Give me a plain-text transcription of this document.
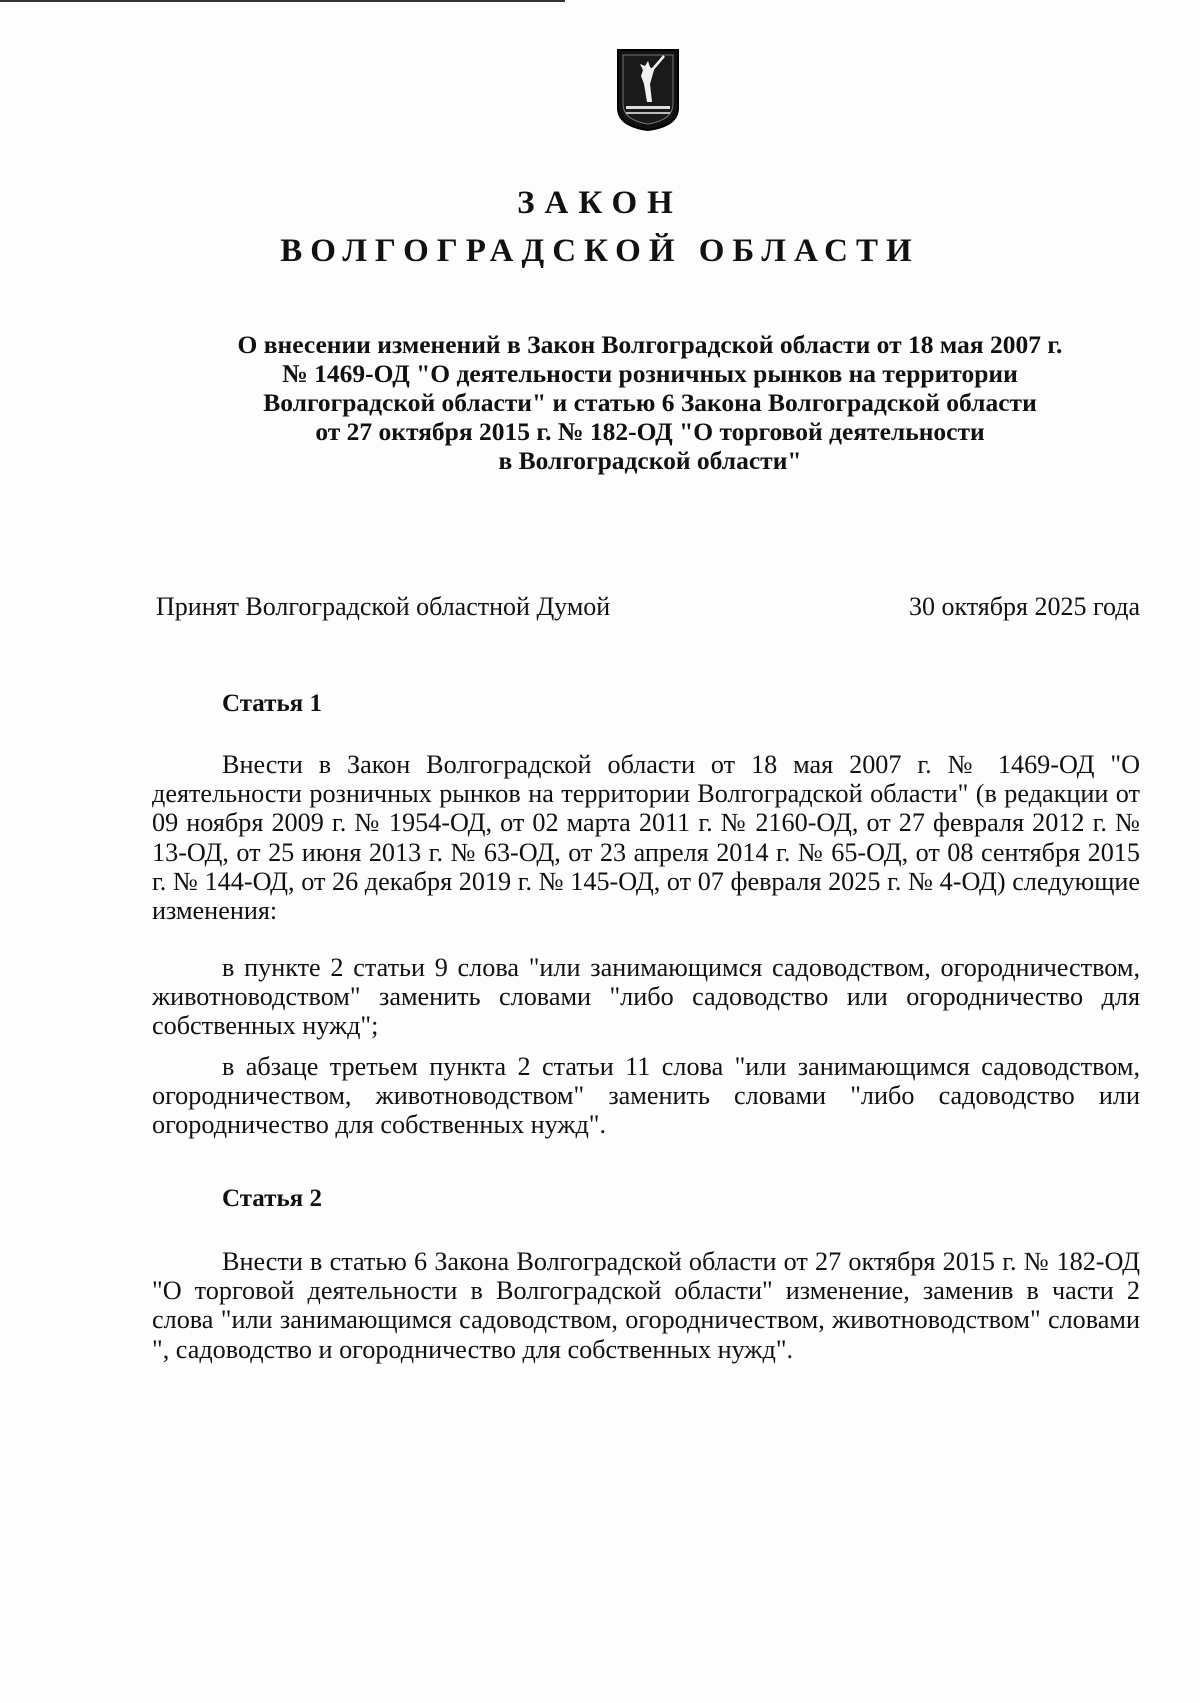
ЗАКОН
ВОЛГОГРАДСКОЙ ОБЛАСТИ
О внесении изменений в Закон Волгоградской области от 18 мая 2007 г.
№ 1469-ОД "О деятельности розничных рынков на территории
Волгоградской области" и статью 6 Закона Волгоградской области
от 27 октября 2015 г. № 182-ОД "О торговой деятельности
в Волгоградской области"
Принят Волгоградской областной Думой	30 октября 2025 года
Статья 1
Внести в Закон Волгоградской области от 18 мая 2007 г. № 1469-ОД "О деятельности розничных рынков на территории Волгоградской области" (в редакции от 09 ноября 2009 г. № 1954-ОД, от 02 марта 2011 г. № 2160-ОД, от 27 февраля 2012 г. № 13-ОД, от 25 июня 2013 г. № 63-ОД, от 23 апреля 2014 г. № 65-ОД, от 08 сентября 2015 г. № 144-ОД, от 26 декабря 2019 г. № 145-ОД, от 07 февраля 2025 г. № 4-ОД) следующие изменения:
в пункте 2 статьи 9 слова "или занимающимся садоводством, огородничеством, животноводством" заменить словами "либо садоводство или огородничество для собственных нужд";
в абзаце третьем пункта 2 статьи 11 слова "или занимающимся садоводством, огородничеством, животноводством" заменить словами "либо садоводство или огородничество для собственных нужд".
Статья 2
Внести в статью 6 Закона Волгоградской области от 27 октября 2015 г. № 182-ОД "О торговой деятельности в Волгоградской области" изменение, заменив в части 2 слова "или занимающимся садоводством, огородничеством, животноводством" словами ", садоводство и огородничество для собственных нужд".
